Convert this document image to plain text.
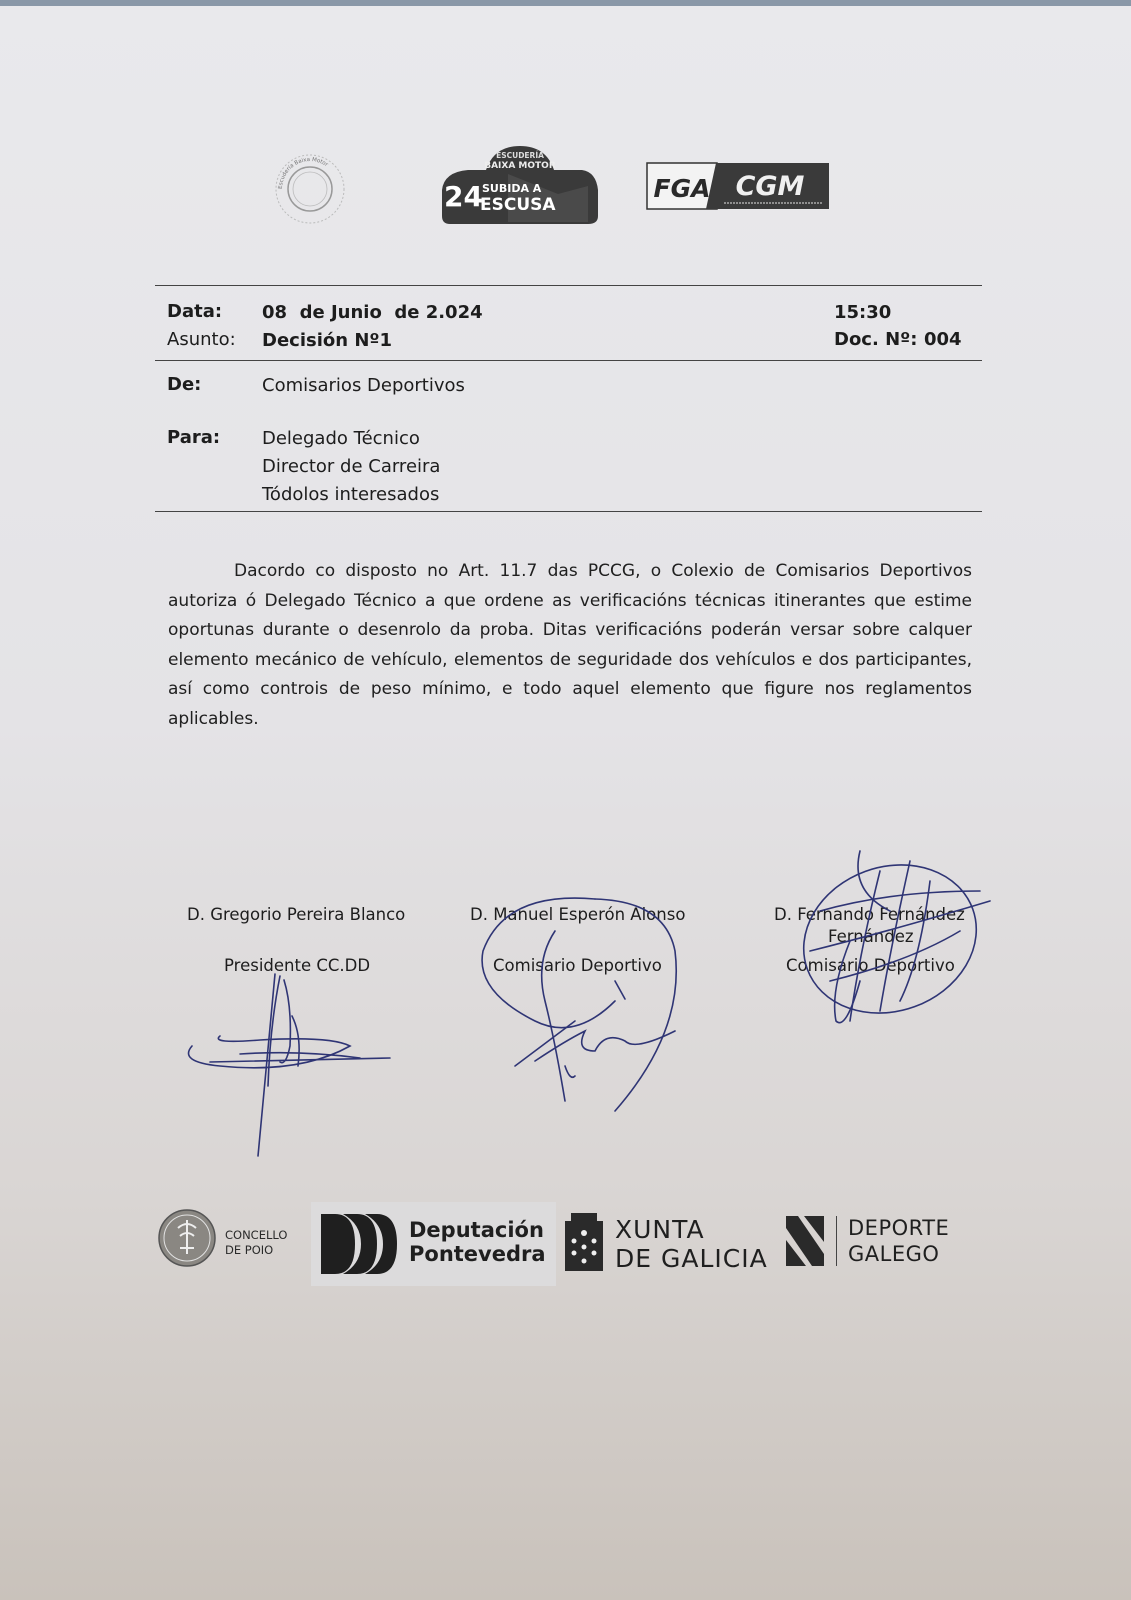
Escudería Baixa Motor
ESCUDERÍA
BAIXA MOTOR
24 SUBIDA A
ESCUSA
FGA CGM
Data: 08  de Junio  de 2.024	15:30
Asunto: Decisión Nº1	Doc. Nº: 004
De:	Comisarios Deportivos
Para: Delegado Técnico
Director de Carreira
Tódolos interesados
Dacordo co disposto no Art. 11.7 das PCCG, o Colexio de Comisarios Deportivos autoriza ó Delegado Técnico a que ordene as verificacións técnicas itinerantes que estime oportunas durante o desenrolo da proba. Ditas verificacións poderán versar sobre calquer elemento mecánico de vehículo, elementos de seguridade dos vehículos e dos participantes, así como controis de peso mínimo, e todo aquel elemento que figure nos reglamentos aplicables.
D. Gregorio Pereira Blanco
Presidente CC.DD
D. Manuel Esperón Alonso
Comisario Deportivo
D. Fernando Fernández
Fernández
Comisario Deportivo
CONCELLO
DE POIO
Deputación
Pontevedra
XUNTA
DE GALICIA
DEPORTE
GALEGO
